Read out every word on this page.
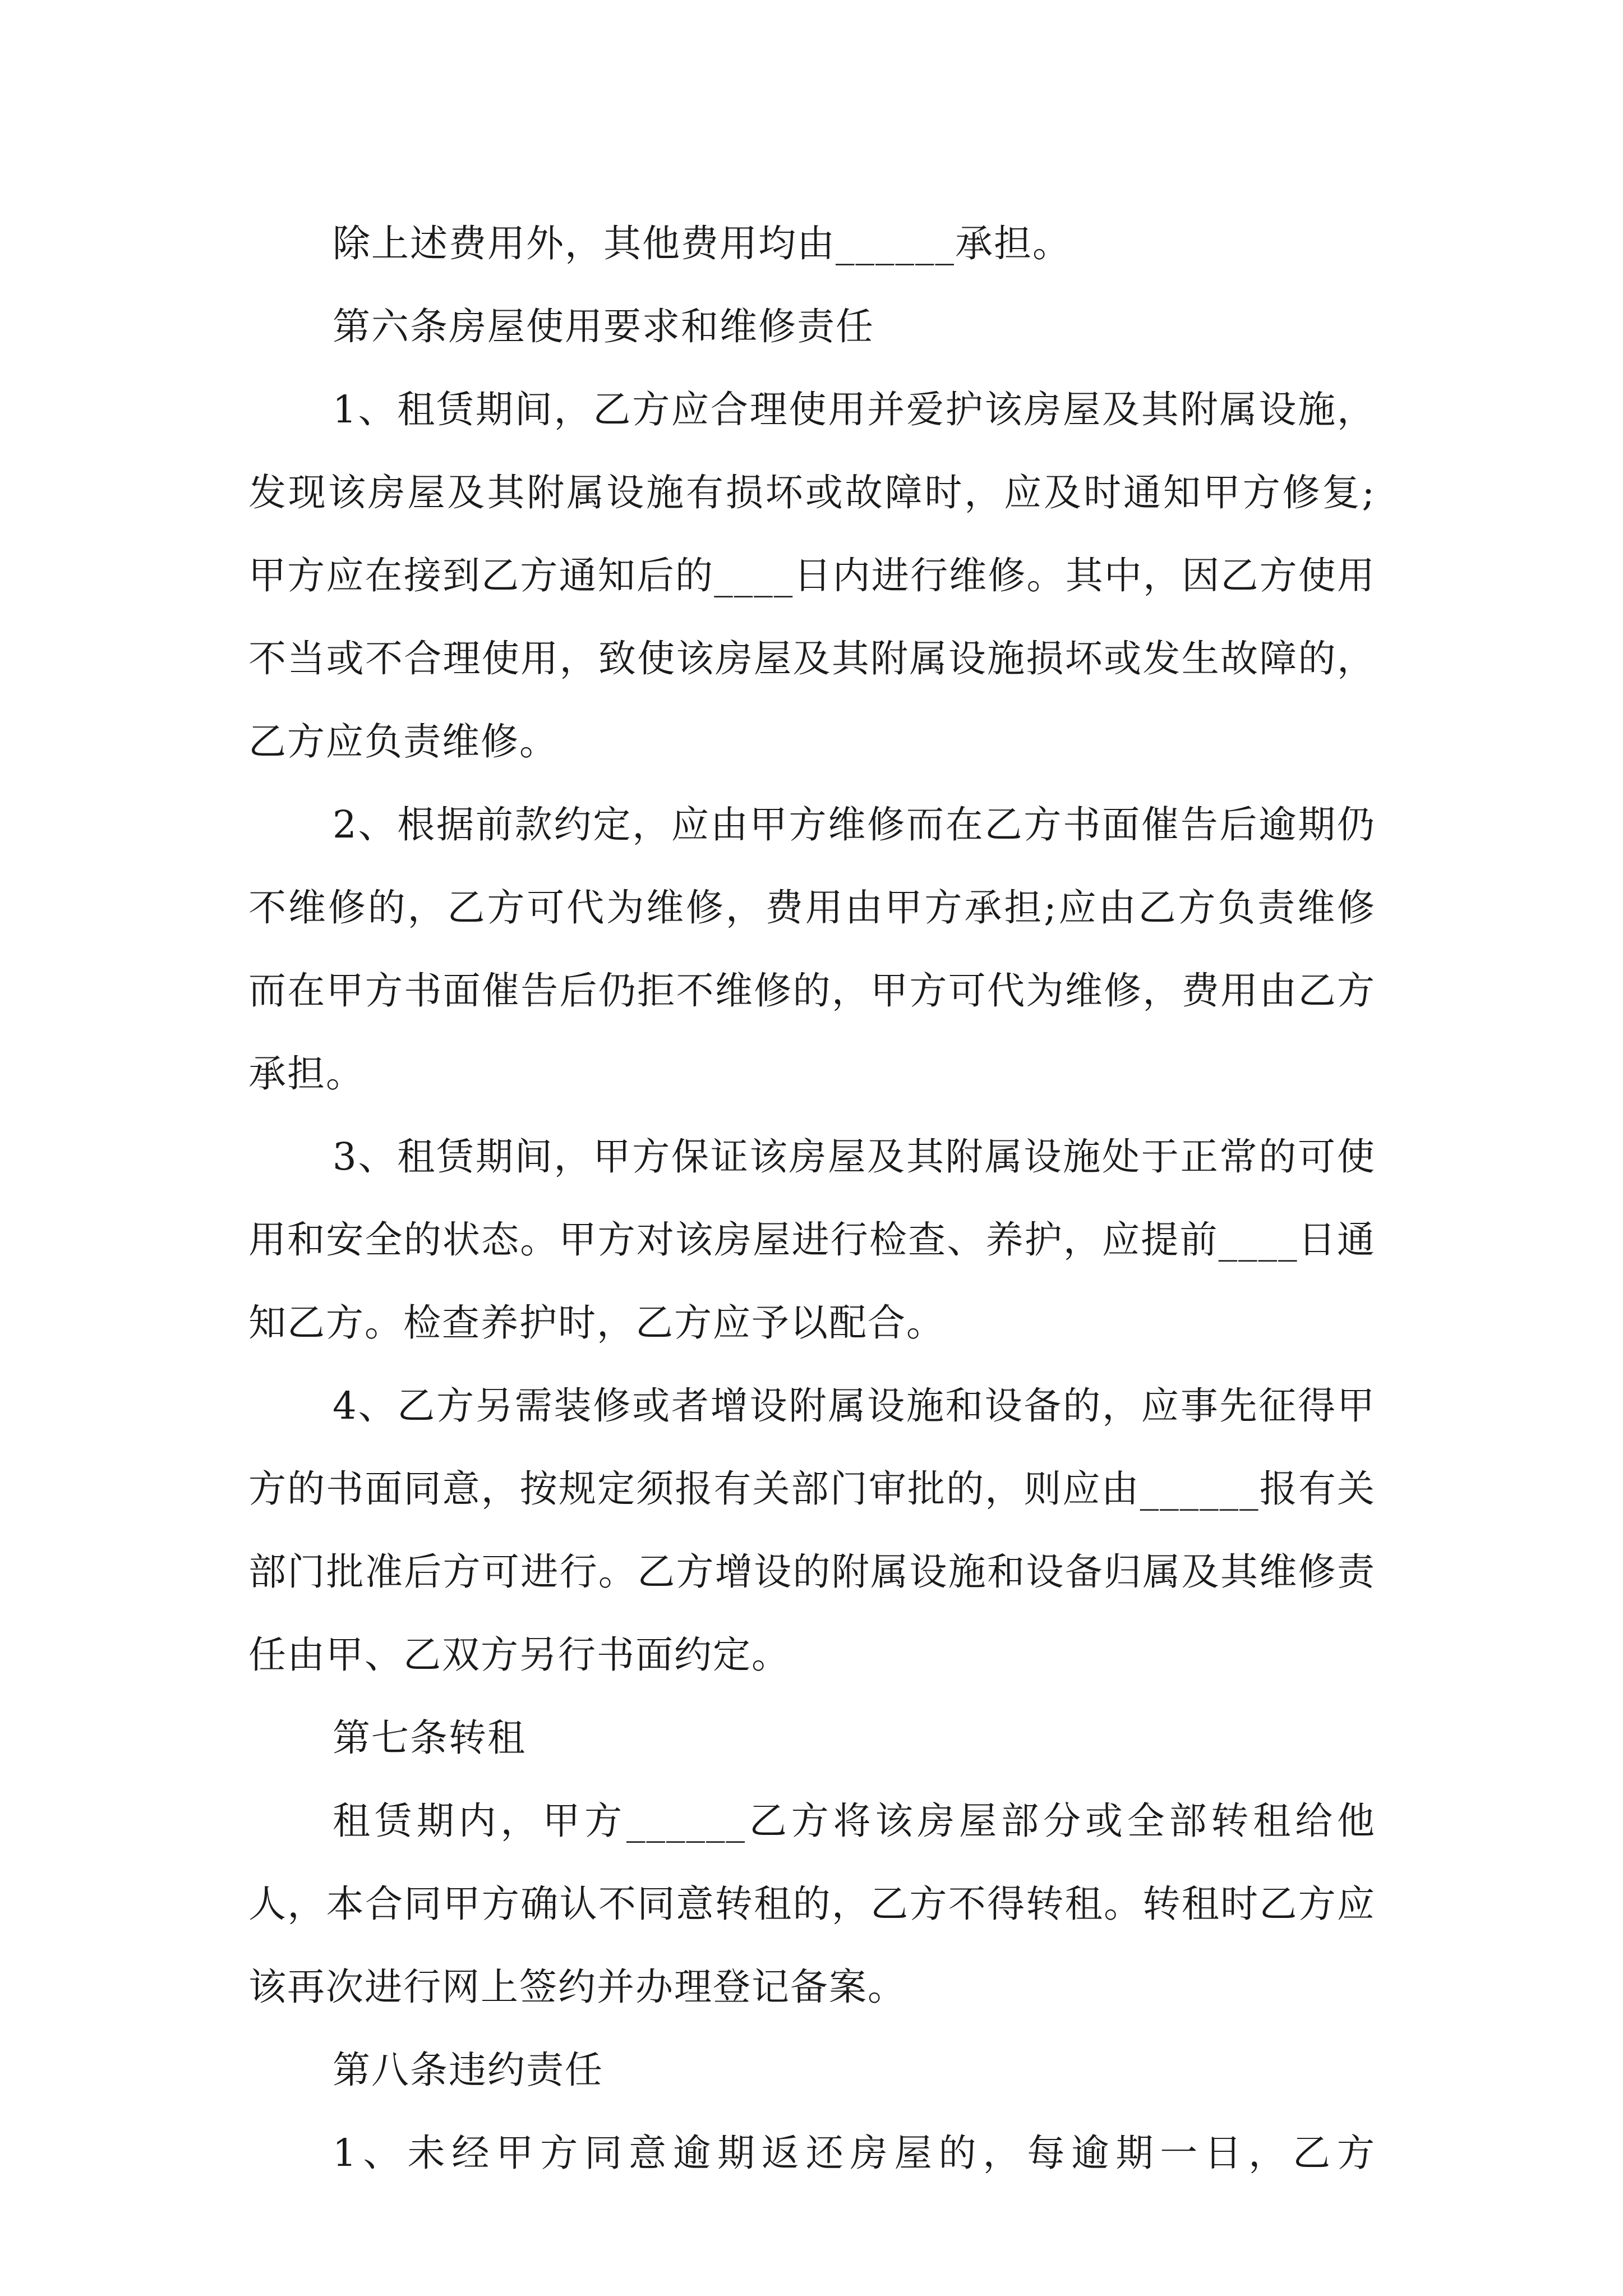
除上述费用外，其他费用均由______承担。

第六条房屋使用要求和维修责任

1、租赁期间，乙方应合理使用并爱护该房屋及其附属设施，发现该房屋及其附属设施有损坏或故障时，应及时通知甲方修复;甲方应在接到乙方通知后的____日内进行维修。其中，因乙方使用不当或不合理使用，致使该房屋及其附属设施损坏或发生故障的，乙方应负责维修。

2、根据前款约定，应由甲方维修而在乙方书面催告后逾期仍不维修的，乙方可代为维修，费用由甲方承担;应由乙方负责维修而在甲方书面催告后仍拒不维修的，甲方可代为维修，费用由乙方承担。

3、租赁期间，甲方保证该房屋及其附属设施处于正常的可使用和安全的状态。甲方对该房屋进行检查、养护，应提前____日通知乙方。检查养护时，乙方应予以配合。

4、乙方另需装修或者增设附属设施和设备的，应事先征得甲方的书面同意，按规定须报有关部门审批的，则应由______报有关部门批准后方可进行。乙方增设的附属设施和设备归属及其维修责任由甲、乙双方另行书面约定。

第七条转租

租赁期内，甲方______乙方将该房屋部分或全部转租给他人，本合同甲方确认不同意转租的，乙方不得转租。转租时乙方应该再次进行网上签约并办理登记备案。

第八条违约责任

1、未经甲方同意逾期返还房屋的，每逾期一日，乙方
